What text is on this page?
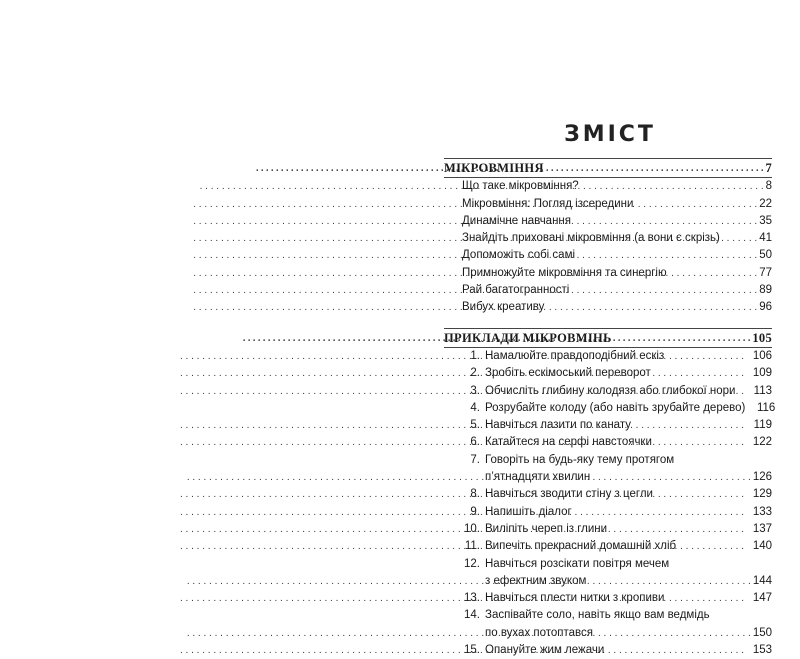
ЗМІСТ
МІКРОВМІННЯ . . .	7
Що таке мікровміння? . . .	8
Мікровміння: Погляд ізсередини . . .	22
Динамічне навчання . . .	35
Знайдіть приховані мікровміння (а вони є скрізь) . . .	41
Допоможіть собі самі . . .	50
Примножуйте мікровміння та синергію . . .	77
Рай багатогранності . . .	89
Вибух креативу . . .	96
ПРИКЛАДИ МІКРОВМІНЬ . . .	105
1. Намалюйте правдоподібний ескіз . . .	106
2. Зробіть ескімоський переворот . . .	109
3. Обчисліть глибину колодязя або глибокої нори . . .	113
4. Розрубайте колоду (або навіть зрубайте дерево)	116
5. Навчіться лазити по канату . . .	119
6. Катайтеся на серфі навстоячки . . .	122
7. Говоріть на будь-яку тему протягом
п’ятнадцяти хвилин . . .	126
8. Навчіться зводити стіну з цегли . . .	129
9. Напишіть діалог . . .	133
10. Виліпіть череп із глини . . .	137
11. Випечіть прекрасний домашній хліб . . .	140
12. Навчіться розсікати повітря мечем
з ефектним звуком . . .	144
13. Навчіться плести нитки з кропиви . . .	147
14. Заспівайте соло, навіть якщо вам ведмідь
по вухах потоптався . . .	150
15. Опануйте жим лежачи . . .	153
